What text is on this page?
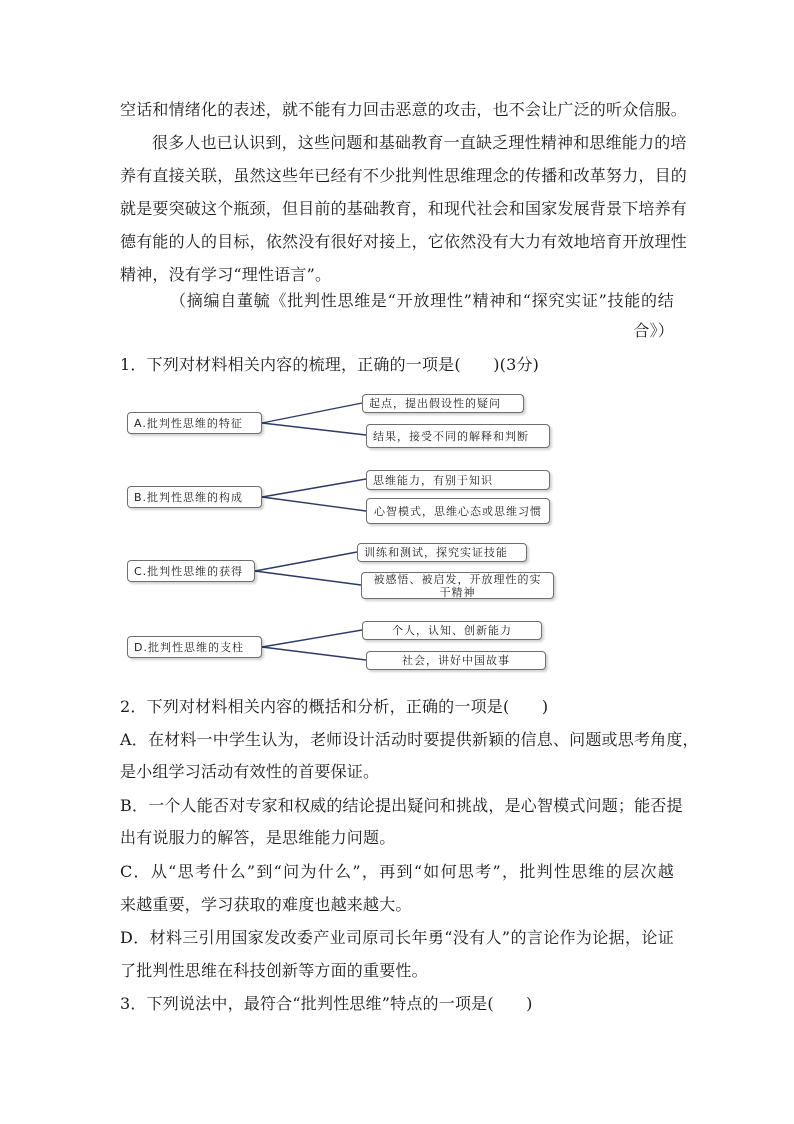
空话和情绪化的表述，就不能有力回击恶意的攻击，也不会让广泛的听众信服。
很多人也已认识到，这些问题和基础教育一直缺乏理性精神和思维能力的培
养有直接关联，虽然这些年已经有不少批判性思维理念的传播和改革努力，目的
就是要突破这个瓶颈，但目前的基础教育，和现代社会和国家发展背景下培养有
德有能的人的目标，依然没有很好对接上，它依然没有大力有效地培育开放理性
精神，没有学习“理性语言”。
（摘编自董毓《批判性思维是“开放理性”精神和“探究实证”技能的结
合》）
1．下列对材料相关内容的梳理，正确的一项是(　　)(3分)
A.批判性思维的特征
起点，提出假设性的疑问
结果，接受不同的解释和判断
B.批判性思维的构成
思维能力，有别于知识
心智模式，思维心态或思维习惯
C.批判性思维的获得
训练和测试，探究实证技能
被感悟、被启发，开放理性的实干精神
D.批判性思维的支柱
个人，认知、创新能力
社会，讲好中国故事
2．下列对材料相关内容的概括和分析，正确的一项是(　　)
A．在材料一中学生认为，老师设计活动时要提供新颖的信息、问题或思考角度，
是小组学习活动有效性的首要保证。
B．一个人能否对专家和权威的结论提出疑问和挑战，是心智模式问题；能否提
出有说服力的解答，是思维能力问题。
C．从“思考什么”到“问为什么”，再到“如何思考”，批判性思维的层次越
来越重要，学习获取的难度也越来越大。
D．材料三引用国家发改委产业司原司长年勇“没有人”的言论作为论据，论证
了批判性思维在科技创新等方面的重要性。
3．下列说法中，最符合“批判性思维”特点的一项是(　　)
